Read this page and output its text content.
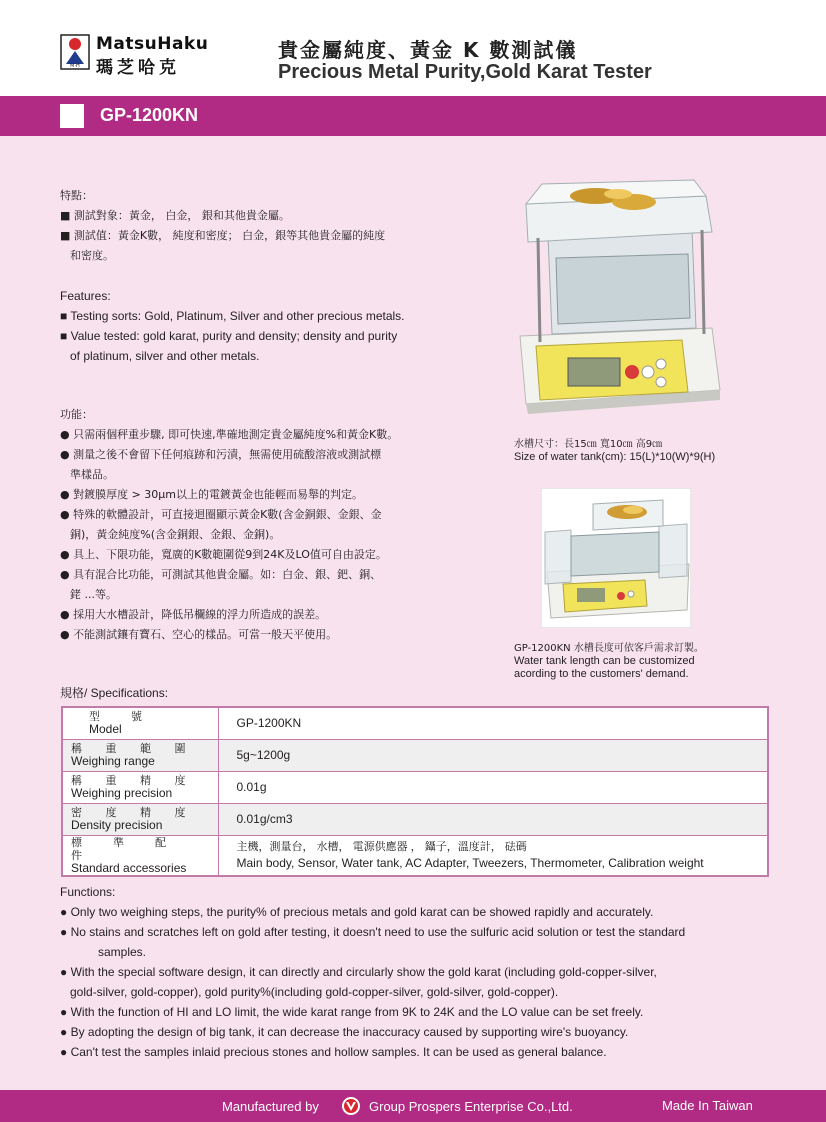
M·H
MatsuHaku
瑪芝哈克
貴金屬純度、黃金 K 數測試儀
Precious Metal Purity,Gold Karat Tester
GP-1200KN
特點：
■ 測試對象：黃金， 白金， 銀和其他貴金屬。
■ 測試值：黃金K數， 純度和密度； 白金，銀等其他貴金屬的純度
和密度。
Features:
■ Testing sorts: Gold, Platinum, Silver and other precious metals.
■ Value tested: gold karat, purity and density; density and purity
of platinum, silver and other metals.
功能：
● 只需兩個秤重步驟, 即可快速,準確地測定貴金屬純度%和黃金K數。
● 測量之後不會留下任何痕跡和污漬，無需使用硫酸溶液或測試標
準樣品。
● 對鍍膜厚度 > 30μm以上的電鍍黃金也能輕而易舉的判定。
● 特殊的軟體設計，可直接迴圈顯示黃金K數(含金銅銀、金銀、金
銅)，黃金純度%(含金銅銀、金銀、金銅)。
● 具上、下限功能，寬廣的K數範圍從9到24K及LO值可自由設定。
● 具有混合比功能，可測試其他貴金屬。如：白金、銀、鈀、銅、
銠 ...等。
● 採用大水槽設計，降低吊欄線的浮力所造成的誤差。
● 不能測試鑲有寶石、空心的樣品。可當一般天平使用。
水槽尺寸：長15㎝ 寬10㎝ 高9㎝
Size of water tank(cm): 15(L)*10(W)*9(H)
GP-1200KN 水槽長度可依客戶需求訂製。
Water tank length can be customized
acording to the customers' demand.
規格/ Specifications:
型　號
Model	GP-1200KN

稱 重 範 圍
Weighing range	5g~1200g

稱 重 精 度
Weighing precision	0.01g

密 度 精 度
Density precision	0.01g/cm3

標　準　配　件
Standard accessories	主機，測量台， 水槽， 電源供應器 ， 鑷子，溫度計， 砝碼
Main body, Sensor, Water tank, AC Adapter, Tweezers, Thermometer, Calibration weight
Functions:
● Only two weighing steps, the purity% of precious metals and gold karat can be showed rapidly and accurately.
● No stains and scratches left on gold after testing, it doesn't need to use the sulfuric acid solution or test the standard
samples.
● With the special software design, it can directly and circularly show the gold karat (including gold-copper-silver,
gold-silver, gold-copper), gold purity%(including gold-copper-silver, gold-silver, gold-copper).
● With the function of HI and LO limit, the wide karat range from 9K to 24K and the LO value can be set freely.
● By adopting the design of big tank, it can decrease the inaccuracy caused by supporting wire's buoyancy.
● Can't test the samples inlaid precious stones and hollow samples. It can be used as general balance.
Manufactured by	Group Prospers Enterprise Co.,Ltd.	Made In Taiwan
